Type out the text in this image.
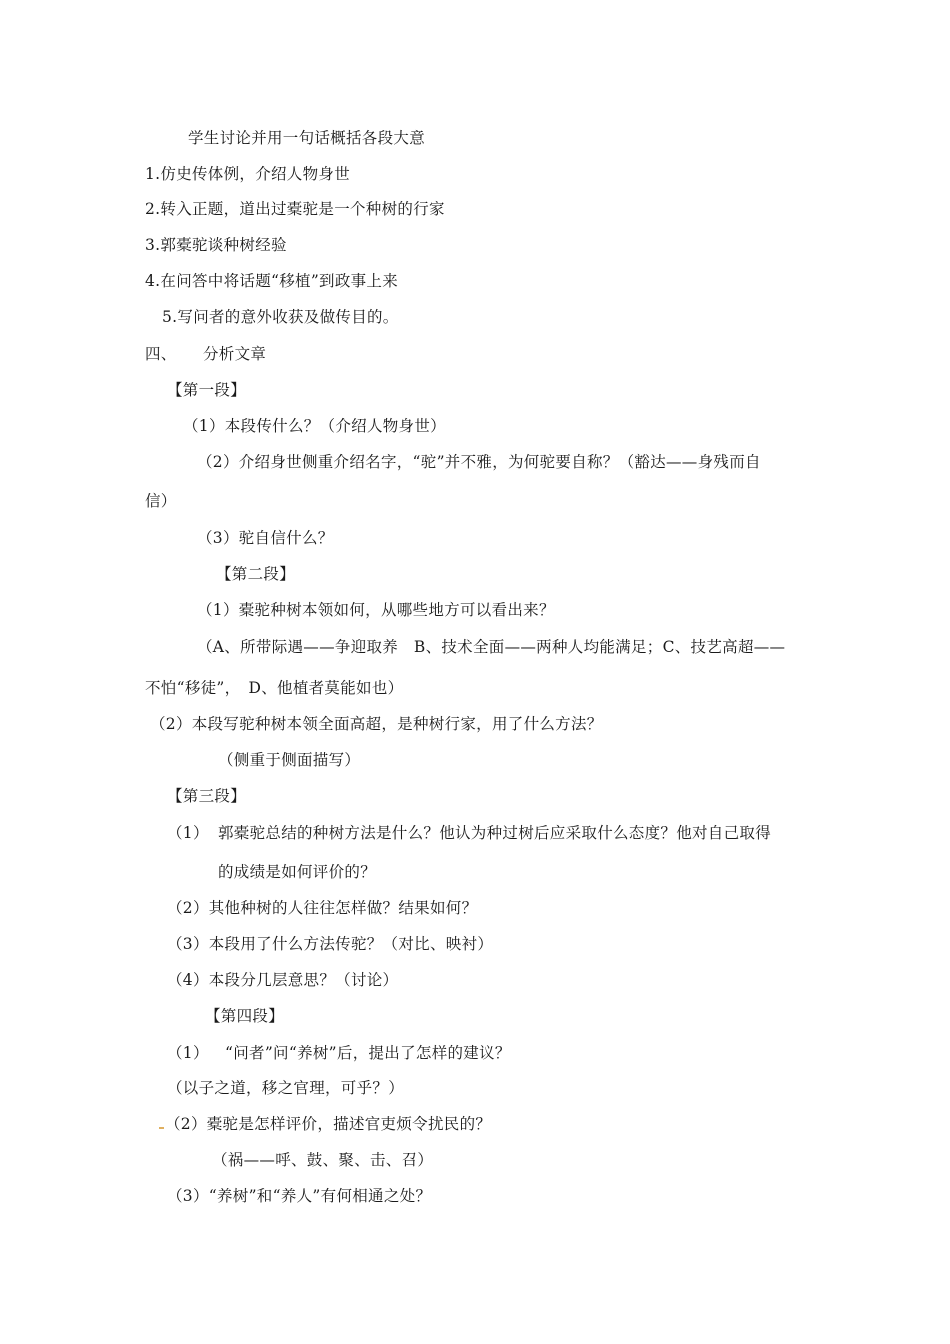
学生讨论并用一句话概括各段大意
1.仿史传体例，介绍人物身世
2.转入正题，道出过橐驼是一个种树的行家
3.郭橐驼谈种树经验
4.在问答中将话题“移植”到政事上来
5.写问者的意外收获及做传目的。
四、 分析文章
【第一段】
（1）本段传什么？（介绍人物身世）
（2）介绍身世侧重介绍名字，“驼”并不雅，为何驼要自称？（豁达——身残而自
信）
（3）驼自信什么？
【第二段】
（1）橐驼种树本领如何，从哪些地方可以看出来？
（A、所带际遇——争迎取养　B、技术全面——两种人均能满足；C、技艺高超——
不怕“移徒”，　D、他植者莫能如也）
（2）本段写驼种树本领全面高超，是种树行家，用了什么方法？
（侧重于侧面描写）
【第三段】
（1） 郭橐驼总结的种树方法是什么？他认为种过树后应采取什么态度？他对自己取得
的成绩是如何评价的？
（2）其他种树的人往往怎样做？结果如何？
（3）本段用了什么方法传驼？（对比、映衬）
（4）本段分几层意思？（讨论）
【第四段】
（1） “问者”问“养树”后，提出了怎样的建议？
（以子之道，移之官理，可乎？）
（2）橐驼是怎样评价，描述官吏烦令扰民的？
（祸——呼、鼓、聚、击、召）
（3）“养树”和“养人”有何相通之处？
